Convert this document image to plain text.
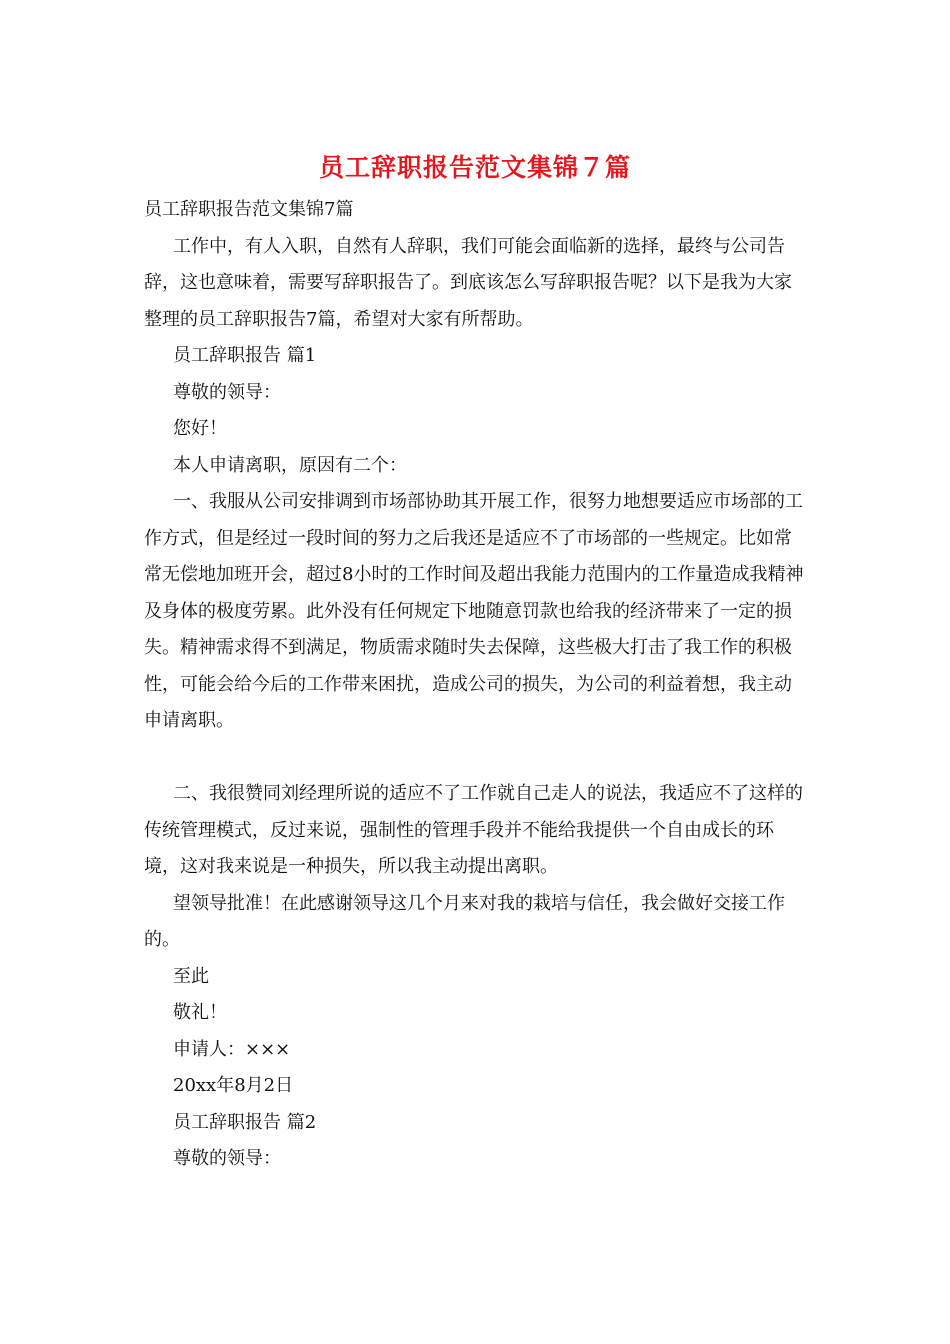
员工辞职报告范文集锦７篇

员工辞职报告范文集锦7篇

工作中，有人入职，自然有人辞职，我们可能会面临新的选择，最终与公司告辞，这也意味着，需要写辞职报告了。到底该怎么写辞职报告呢？以下是我为大家整理的员工辞职报告7篇，希望对大家有所帮助。

员工辞职报告 篇1

尊敬的领导：

您好！

本人申请离职，原因有二个：

一、我服从公司安排调到市场部协助其开展工作，很努力地想要适应市场部的工作方式，但是经过一段时间的努力之后我还是适应不了市场部的一些规定。比如常常无偿地加班开会，超过8小时的工作时间及超出我能力范围内的工作量造成我精神及身体的极度劳累。此外没有任何规定下地随意罚款也给我的经济带来了一定的损失。精神需求得不到满足，物质需求随时失去保障，这些极大打击了我工作的积极性，可能会给今后的工作带来困扰，造成公司的损失，为公司的利益着想，我主动申请离职。

二、我很赞同刘经理所说的适应不了工作就自己走人的说法，我适应不了这样的传统管理模式，反过来说，强制性的管理手段并不能给我提供一个自由成长的环境，这对我来说是一种损失，所以我主动提出离职。

望领导批准！在此感谢领导这几个月来对我的栽培与信任，我会做好交接工作的。

至此

敬礼！

申请人：×××

20xx年8月2日

员工辞职报告 篇2

尊敬的领导：
